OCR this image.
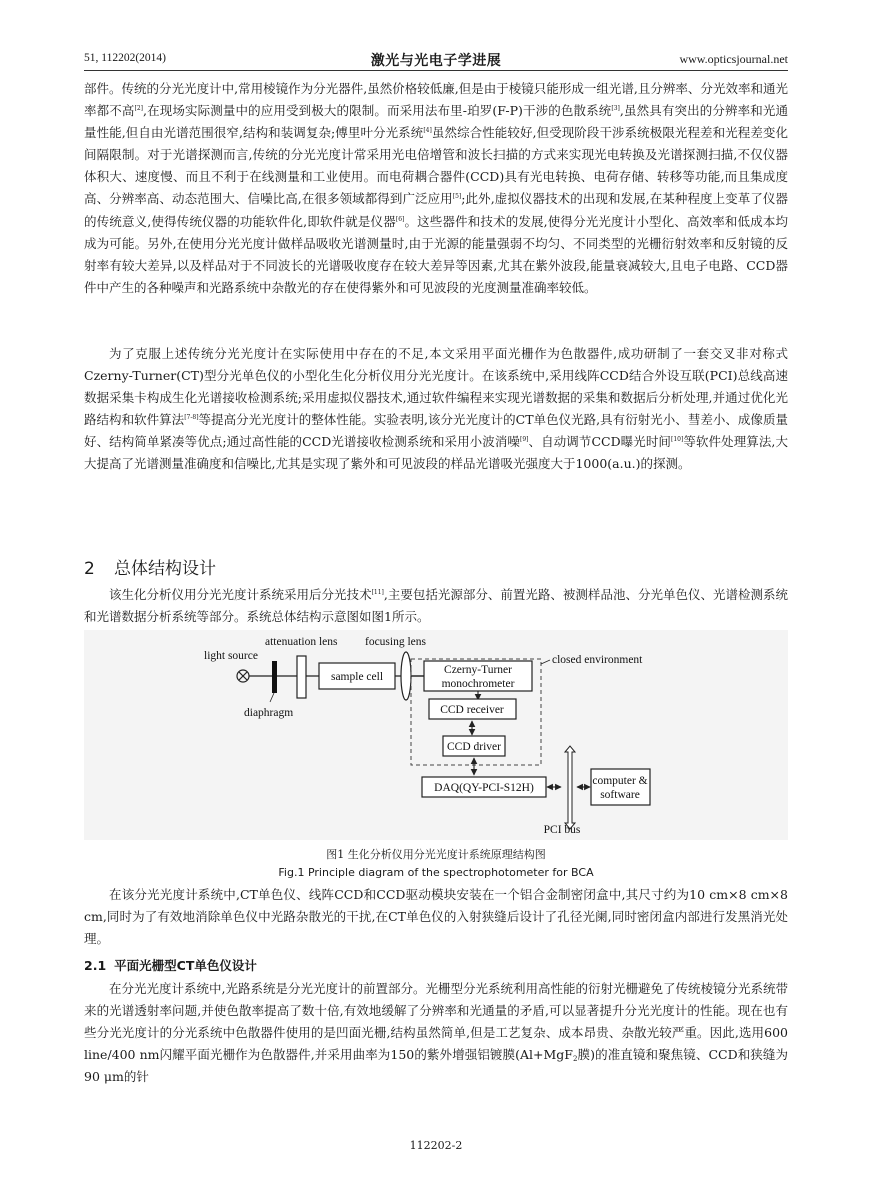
51, 112202(2014)	激光与光电子学进展	www.opticsjournal.net

部件。传统的分光光度计中,常用棱镜作为分光器件,虽然价格较低廉,但是由于棱镜只能形成一组光谱,且分辨率、分光效率和通光率都不高[2],在现场实际测量中的应用受到极大的限制。而采用法布里-珀罗(F-P)干涉的色散系统[3],虽然具有突出的分辨率和光通量性能,但自由光谱范围很窄,结构和装调复杂;傅里叶分光系统[4]虽然综合性能较好,但受现阶段干涉系统极限光程差和光程差变化间隔限制。对于光谱探测而言,传统的分光光度计常采用光电倍增管和波长扫描的方式来实现光电转换及光谱探测扫描,不仅仪器体积大、速度慢、而且不利于在线测量和工业使用。而电荷耦合器件(CCD)具有光电转换、电荷存储、转移等功能,而且集成度高、分辨率高、动态范围大、信噪比高,在很多领域都得到广泛应用[5];此外,虚拟仪器技术的出现和发展,在某种程度上变革了仪器的传统意义,使得传统仪器的功能软件化,即软件就是仪器[6]。这些器件和技术的发展,使得分光光度计小型化、高效率和低成本均成为可能。另外,在使用分光光度计做样品吸收光谱测量时,由于光源的能量强弱不均匀、不同类型的光栅衍射效率和反射镜的反射率有较大差异,以及样品对于不同波长的光谱吸收度存在较大差异等因素,尤其在紫外波段,能量衰减较大,且电子电路、CCD器件中产生的各种噪声和光路系统中杂散光的存在使得紫外和可见波段的光度测量准确率较低。

为了克服上述传统分光光度计在实际使用中存在的不足,本文采用平面光栅作为色散器件,成功研制了一套交叉非对称式Czerny-Turner(CT)型分光单色仪的小型化生化分析仪用分光光度计。在该系统中,采用线阵CCD结合外设互联(PCI)总线高速数据采集卡构成生化光谱接收检测系统;采用虚拟仪器技术,通过软件编程来实现光谱数据的采集和数据后分析处理,并通过优化光路结构和软件算法[7-8]等提高分光光度计的整体性能。实验表明,该分光光度计的CT单色仪光路,具有衍射光小、彗差小、成像质量好、结构简单紧凑等优点;通过高性能的CCD光谱接收检测系统和采用小波消噪[9]、自动调节CCD曝光时间[10]等软件处理算法,大大提高了光谱测量准确度和信噪比,尤其是实现了紫外和可见波段的样品光谱吸光强度大于1000(a.u.)的探测。

2 总体结构设计

该生化分析仪用分光光度计系统采用后分光技术[11],主要包括光源部分、前置光路、被测样品池、分光单色仪、光谱检测系统和光谱数据分析系统等部分。系统总体结构示意图如图1所示。

light source
diaphragm
attenuation lens
sample cell
focusing lens
closed environment
Czerny-Turner
monochrometer
CCD receiver
CCD driver
DAQ(QY-PCI-S12H)
PCI bus
computer &
software
图1 生化分析仪用分光光度计系统原理结构图
Fig.1 Principle diagram of the spectrophotometer for BCA

在该分光光度计系统中,CT单色仪、线阵CCD和CCD驱动模块安装在一个铝合金制密闭盒中,其尺寸约为10 cm×8 cm×8 cm,同时为了有效地消除单色仪中光路杂散光的干扰,在CT单色仪的入射狭缝后设计了孔径光阑,同时密闭盒内部进行发黑消光处理。

2.1 平面光栅型CT单色仪设计

在分光光度计系统中,光路系统是分光光度计的前置部分。光栅型分光系统利用高性能的衍射光栅避免了传统棱镜分光系统带来的光谱透射率问题,并使色散率提高了数十倍,有效地缓解了分辨率和光通量的矛盾,可以显著提升分光光度计的性能。现在也有些分光光度计的分光系统中色散器件使用的是凹面光栅,结构虽然简单,但是工艺复杂、成本昂贵、杂散光较严重。因此,选用600 line/400 nm闪耀平面光栅作为色散器件,并采用曲率为150的紫外增强铝镀膜(Al+MgF$_2$膜)的准直镜和聚焦镜、CCD和狭缝为90 μm的针

112202-2
